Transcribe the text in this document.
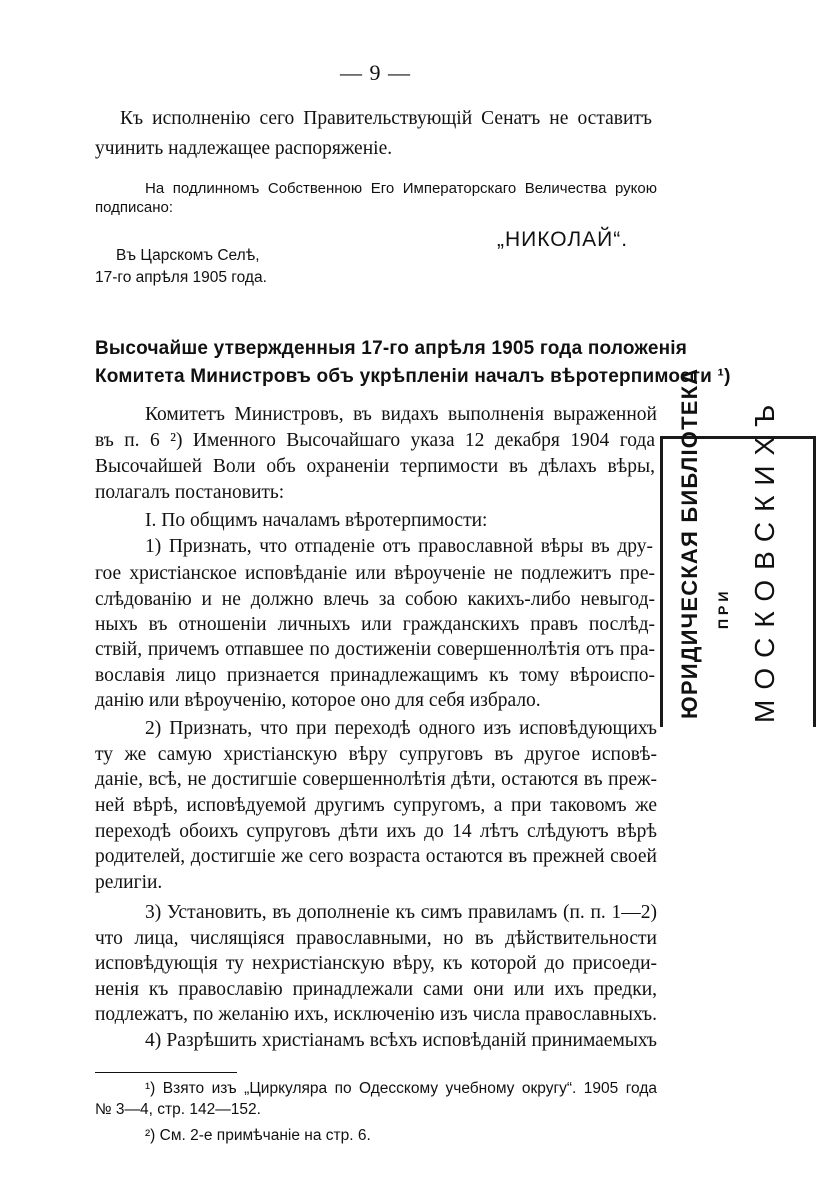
— 9 —
Къ исполненію сего Правительствующій Сенатъ не оставитъ
учинить надлежащее распоряженіе.
На подлинномъ Собственною Его Императорскаго Величества рукою
подписано:
„НИКОЛАЙ“.
Въ Царскомъ Селѣ,
17-го апрѣля 1905 года.
Высочайше утвержденныя 17-го апрѣля 1905 года положенія
Комитета Министровъ объ укрѣпленіи началъ вѣротерпимости ¹)
Комитетъ Министровъ, въ видахъ выполненія выраженной
въ п. 6 ²) Именного Высочайшаго указа 12 декабря 1904 года
Высочайшей Воли объ охраненіи терпимости въ дѣлахъ вѣры,
полагалъ постановить:
I. По общимъ началамъ вѣротерпимости:
1) Признать, что отпаденіе отъ православной вѣры въ дру-
гое христіанское исповѣданіе или вѣроученіе не подлежитъ пре-
слѣдованію и не должно влечь за собою какихъ-либо невыгод-
ныхъ въ отношеніи личныхъ или гражданскихъ правъ послѣд-
ствій, причемъ отпавшее по достиженіи совершеннолѣтія отъ пра-
вославія лицо признается принадлежащимъ къ тому вѣроиспо-
данію или вѣроученію, которое оно для себя избрало.
2) Признать, что при переходѣ одного изъ исповѣдующихъ
ту же самую христіанскую вѣру супруговъ въ другое исповѣ-
даніе, всѣ, не достигшіе совершеннолѣтія дѣти, остаются въ преж-
ней вѣрѣ, исповѣдуемой другимъ супругомъ, а при таковомъ же
переходѣ обоихъ супруговъ дѣти ихъ до 14 лѣтъ слѣдуютъ вѣрѣ
родителей, достигшіе же сего возраста остаются въ прежней своей
религіи.
3) Установить, въ дополненіе къ симъ правиламъ (п. п. 1—2)
что лица, числящіяся православными, но въ дѣйствительности
исповѣдующія ту нехристіанскую вѣру, къ которой до присоеди-
ненія къ православію принадлежали сами они или ихъ предки,
подлежатъ, по желанію ихъ, исключенію изъ числа православныхъ.
4) Разрѣшить христіанамъ всѣхъ исповѣданій принимаемыхъ
¹) Взято изъ „Циркуляра по Одесскому учебному округу“. 1905 года
№ 3—4, стр. 142—152.
²) См. 2-е примѣчаніе на стр. 6.
ЮРИДИЧЕСКАЯ БИБЛІОТЕКА ПРИ МОСКОВСКИХЪ
